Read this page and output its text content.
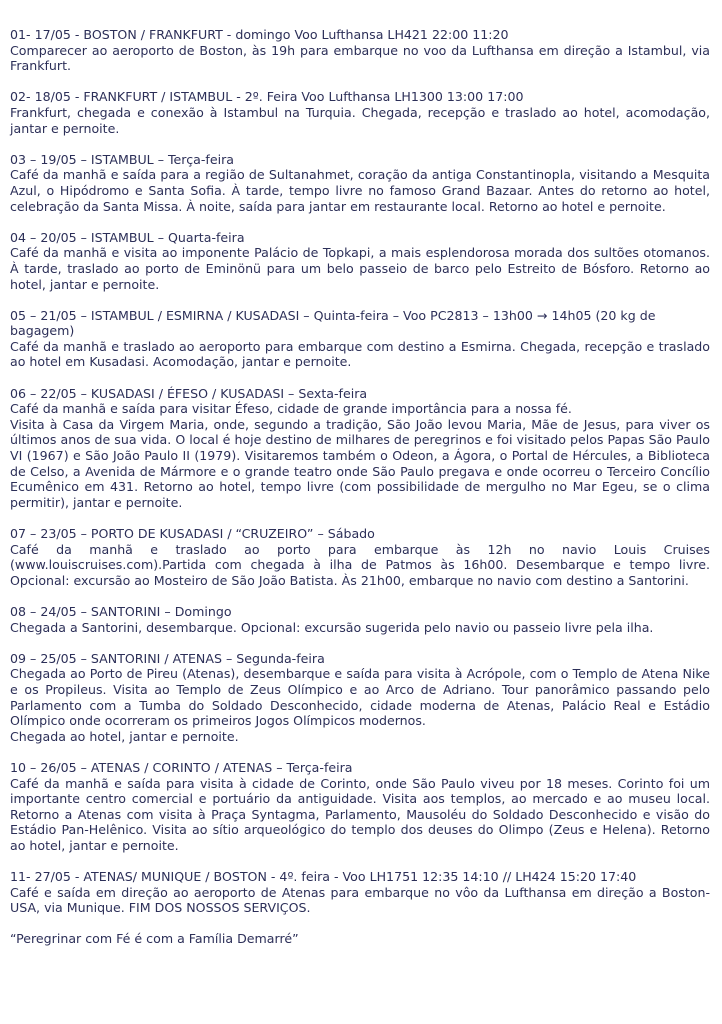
01- 17/05 - BOSTON / FRANKFURT - domingo Voo Lufthansa LH421 22:00 11:20

Comparecer ao aeroporto de Boston, às 19h para embarque no voo da Lufthansa em direção a Istambul, via Frankfurt.

02- 18/05 - FRANKFURT / ISTAMBUL - 2º. Feira Voo Lufthansa LH1300 13:00 17:00

Frankfurt, chegada e conexão à Istambul na Turquia. Chegada, recepção e traslado ao hotel, acomodação, jantar e pernoite.

03 – 19/05 – ISTAMBUL – Terça-feira

Café da manhã e saída para a região de Sultanahmet, coração da antiga Constantinopla, visitando a Mesquita Azul, o Hipódromo e Santa Sofia. À tarde, tempo livre no famoso Grand Bazaar. Antes do retorno ao hotel, celebração da Santa Missa. À noite, saída para jantar em restaurante local. Retorno ao hotel e pernoite.

04 – 20/05 – ISTAMBUL – Quarta-feira

Café da manhã e visita ao imponente Palácio de Topkapi, a mais esplendorosa morada dos sultões otomanos. À tarde, traslado ao porto de Eminönü para um belo passeio de barco pelo Estreito de Bósforo. Retorno ao hotel, jantar e pernoite.

05 – 21/05 – ISTAMBUL / ESMIRNA / KUSADASI – Quinta-feira – Voo PC2813 – 13h00 → 14h05 (20 kg de bagagem)

Café da manhã e traslado ao aeroporto para embarque com destino a Esmirna. Chegada, recepção e traslado ao hotel em Kusadasi. Acomodação, jantar e pernoite.

06 – 22/05 – KUSADASI / ÉFESO / KUSADASI – Sexta-feira

Café da manhã e saída para visitar Éfeso, cidade de grande importância para a nossa fé.

Visita à Casa da Virgem Maria, onde, segundo a tradição, São João levou Maria, Mãe de Jesus, para viver os últimos anos de sua vida. O local é hoje destino de milhares de peregrinos e foi visitado pelos Papas São Paulo VI (1967) e São João Paulo II (1979). Visitaremos também o Odeon, a Ágora, o Portal de Hércules, a Biblioteca de Celso, a Avenida de Mármore e o grande teatro onde São Paulo pregava e onde ocorreu o Terceiro Concílio Ecumênico em 431. Retorno ao hotel, tempo livre (com possibilidade de mergulho no Mar Egeu, se o clima permitir), jantar e pernoite.

07 – 23/05 – PORTO DE KUSADASI / “CRUZEIRO” – Sábado

Café da manhã e traslado ao porto para embarque às 12h no navio Louis Cruises (www.louiscruises.com).Partida com chegada à ilha de Patmos às 16h00. Desembarque e tempo livre. Opcional: excursão ao Mosteiro de São João Batista. Às 21h00, embarque no navio com destino a Santorini.

08 – 24/05 – SANTORINI – Domingo

Chegada a Santorini, desembarque. Opcional: excursão sugerida pelo navio ou passeio livre pela ilha.

09 – 25/05 – SANTORINI / ATENAS – Segunda-feira

Chegada ao Porto de Pireu (Atenas), desembarque e saída para visita à Acrópole, com o Templo de Atena Nike e os Propileus. Visita ao Templo de Zeus Olímpico e ao Arco de Adriano. Tour panorâmico passando pelo Parlamento com a Tumba do Soldado Desconhecido, cidade moderna de Atenas, Palácio Real e Estádio Olímpico onde ocorreram os primeiros Jogos Olímpicos modernos.

Chegada ao hotel, jantar e pernoite.

10 – 26/05 – ATENAS / CORINTO / ATENAS – Terça-feira

Café da manhã e saída para visita à cidade de Corinto, onde São Paulo viveu por 18 meses. Corinto foi um importante centro comercial e portuário da antiguidade. Visita aos templos, ao mercado e ao museu local. Retorno a Atenas com visita à Praça Syntagma, Parlamento, Mausoléu do Soldado Desconhecido e visão do Estádio Pan-Helênico. Visita ao sítio arqueológico do templo dos deuses do Olimpo (Zeus e Helena). Retorno ao hotel, jantar e pernoite.

11- 27/05 - ATENAS/ MUNIQUE / BOSTON - 4º. feira - Voo LH1751 12:35 14:10 // LH424 15:20 17:40

Café e saída em direção ao aeroporto de Atenas para embarque no vôo da Lufthansa em direção a Boston-USA, via Munique. FIM DOS NOSSOS SERVIÇOS.

“Peregrinar com Fé é com a Família Demarré”
